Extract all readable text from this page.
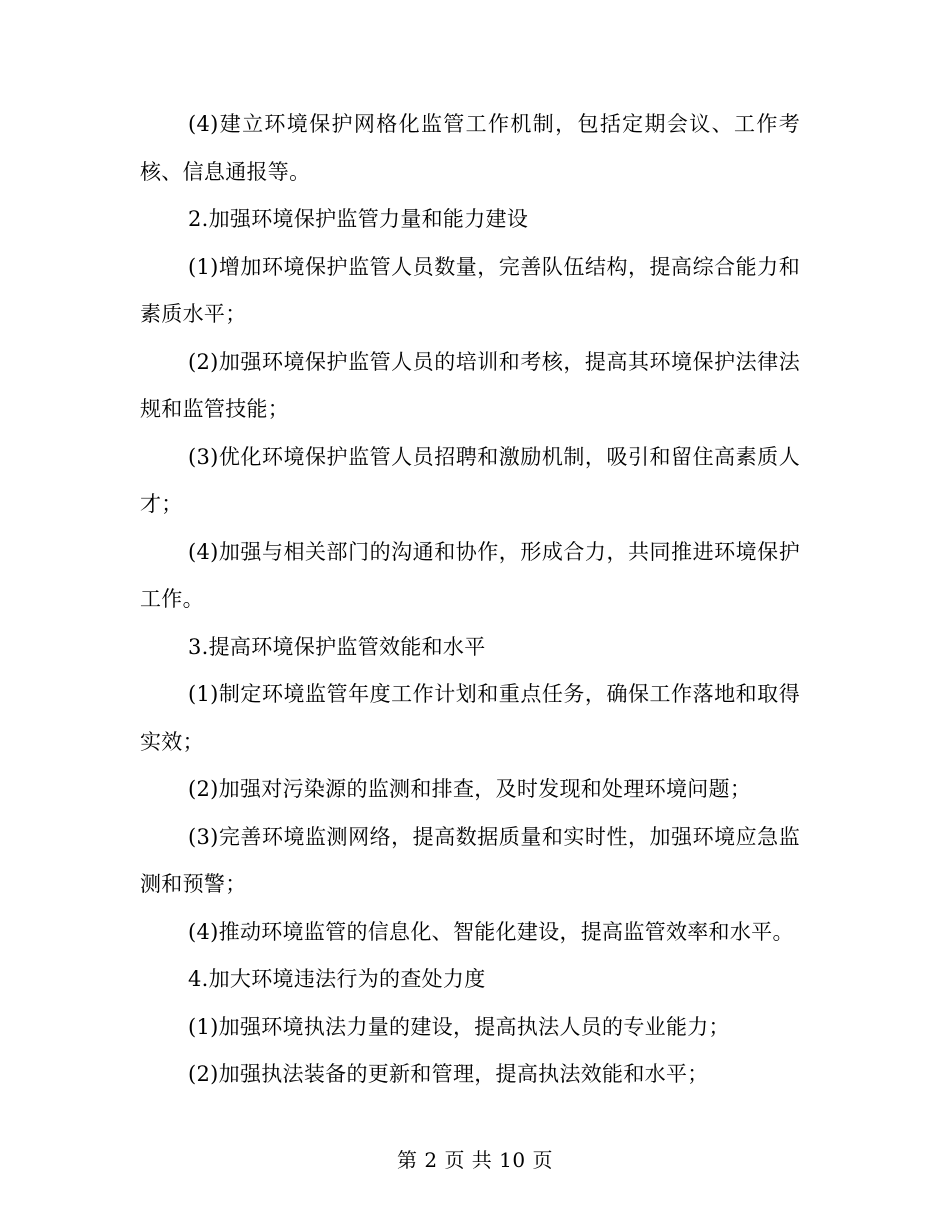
(4)建立环境保护网格化监管工作机制，包括定期会议、工作考核、信息通报等。

2.加强环境保护监管力量和能力建设

(1)增加环境保护监管人员数量，完善队伍结构，提高综合能力和素质水平；

(2)加强环境保护监管人员的培训和考核，提高其环境保护法律法规和监管技能；

(3)优化环境保护监管人员招聘和激励机制，吸引和留住高素质人才；

(4)加强与相关部门的沟通和协作，形成合力，共同推进环境保护工作。

3.提高环境保护监管效能和水平

(1)制定环境监管年度工作计划和重点任务，确保工作落地和取得实效；

(2)加强对污染源的监测和排查，及时发现和处理环境问题；

(3)完善环境监测网络，提高数据质量和实时性，加强环境应急监测和预警；

(4)推动环境监管的信息化、智能化建设，提高监管效率和水平。

4.加大环境违法行为的查处力度

(1)加强环境执法力量的建设，提高执法人员的专业能力；

(2)加强执法装备的更新和管理，提高执法效能和水平；

第 2 页 共 10 页
